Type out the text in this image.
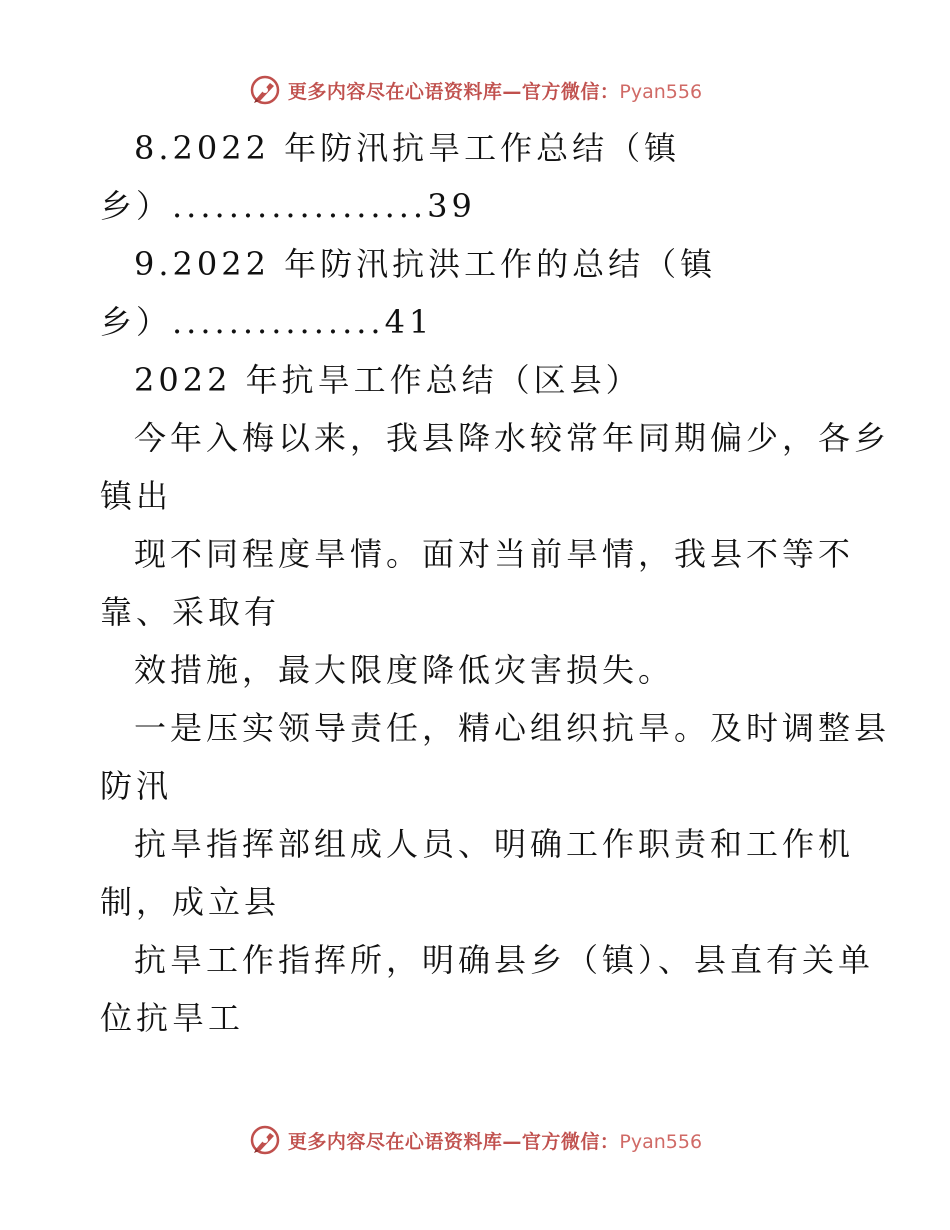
更多内容尽在心语资料库—官方微信：Pyan556
8.2022 年防汛抗旱工作总结（镇
乡）..................39
9.2022 年防汛抗洪工作的总结（镇
乡）...............41
2022 年抗旱工作总结（区县）
今年入梅以来，我县降水较常年同期偏少，各乡
镇出
现不同程度旱情。面对当前旱情，我县不等不
靠、采取有
效措施，最大限度降低灾害损失。
一是压实领导责任，精心组织抗旱。及时调整县
防汛
抗旱指挥部组成人员、明确工作职责和工作机
制，成立县
抗旱工作指挥所，明确县乡（镇）、县直有关单
位抗旱工
更多内容尽在心语资料库—官方微信：Pyan556
